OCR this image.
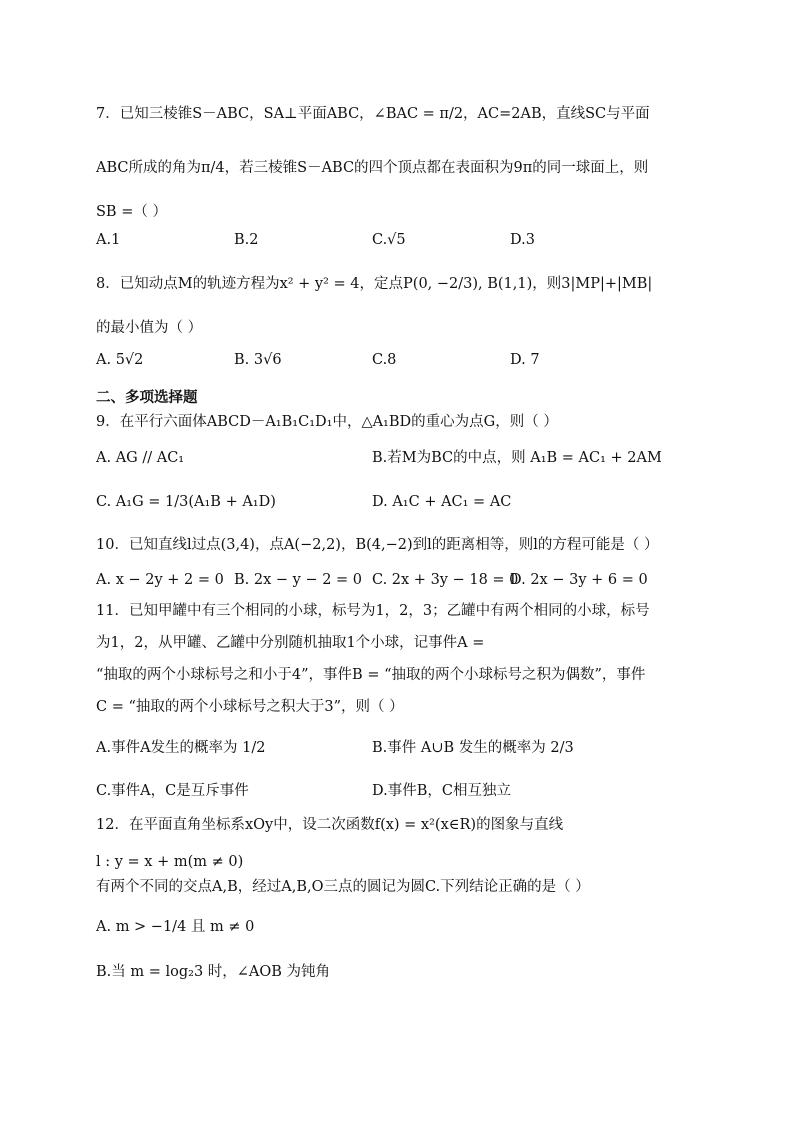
7．已知三棱锥S－ABC，SA⊥平面ABC，∠BAC = π/2，AC=2AB，直线SC与平面
ABC所成的角为π/4，若三棱锥S－ABC的四个顶点都在表面积为9π的同一球面上，则
SB =（ ）
A.1	B.2	C.√5	D.3
8．已知动点M的轨迹方程为x² + y² = 4，定点P(0, −2/3), B(1,1)，则3|MP|+|MB|
的最小值为（ ）
A. 5√2	B. 3√6	C.8	D. 7
二、多项选择题
9．在平行六面体ABCD－A₁B₁C₁D₁中，△A₁BD的重心为点G，则（ ）
A. AG // AC₁	B.若M为BC的中点，则 A₁B = AC₁ + 2AM
C. A₁G = 1/3(A₁B + A₁D)	D. A₁C + AC₁ = AC
10．已知直线l过点(3,4)，点A(−2,2)，B(4,−2)到l的距离相等，则l的方程可能是（ ）
A. x − 2y + 2 = 0 B. 2x − y − 2 = 0 C. 2x + 3y − 18 = 0
D. 2x − 3y + 6 = 0
11．已知甲罐中有三个相同的小球，标号为1，2，3；乙罐中有两个相同的小球，标号
为1，2，从甲罐、乙罐中分别随机抽取1个小球，记事件A =
“抽取的两个小球标号之和小于4”，事件B = “抽取的两个小球标号之积为偶数”，事件
C = “抽取的两个小球标号之积大于3”，则（ ）
A.事件A发生的概率为 1/2	B.事件 A∪B 发生的概率为 2/3
C.事件A，C是互斥事件	D.事件B，C相互独立
12．在平面直角坐标系xOy中，设二次函数f(x) = x²(x∈R)的图象与直线
l : y = x + m(m ≠ 0)
有两个不同的交点A,B，经过A,B,O三点的圆记为圆C.下列结论正确的是（ ）
A. m > −1/4 且 m ≠ 0
B.当 m = log₂3 时，∠AOB 为钝角
